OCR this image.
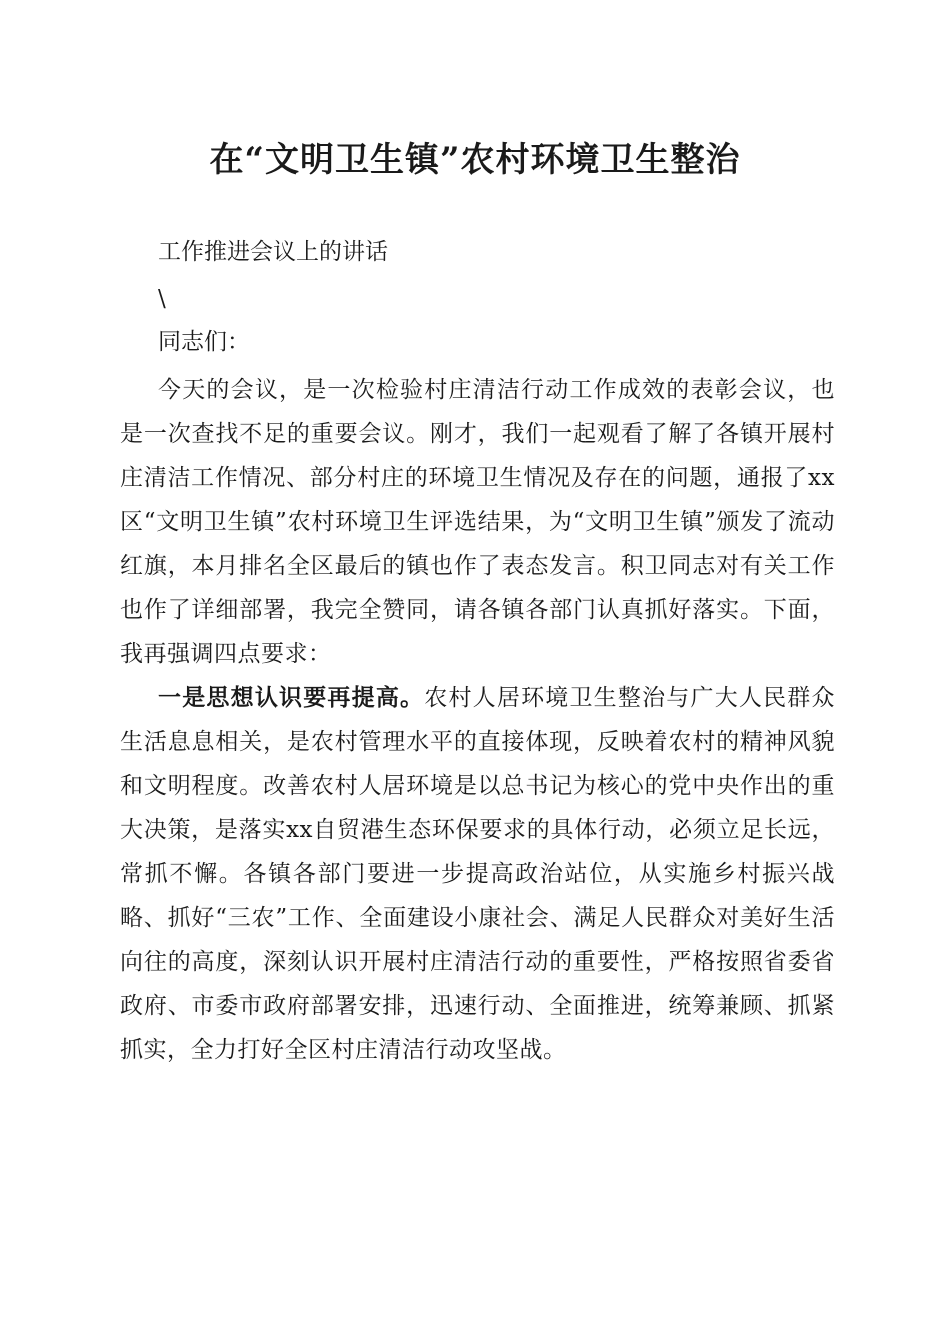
在“文明卫生镇”农村环境卫生整治
工作推进会议上的讲话
\
同志们：

今天的会议，是一次检验村庄清洁行动工作成效的表彰会议，也是一次查找不足的重要会议。刚才，我们一起观看了解了各镇开展村庄清洁工作情况、部分村庄的环境卫生情况及存在的问题，通报了xx区“文明卫生镇”农村环境卫生评选结果，为“文明卫生镇”颁发了流动红旗，本月排名全区最后的镇也作了表态发言。积卫同志对有关工作也作了详细部署，我完全赞同，请各镇各部门认真抓好落实。下面，我再强调四点要求：

一是思想认识要再提高。农村人居环境卫生整治与广大人民群众生活息息相关，是农村管理水平的直接体现，反映着农村的精神风貌和文明程度。改善农村人居环境是以总书记为核心的党中央作出的重大决策，是落实xx自贸港生态环保要求的具体行动，必须立足长远，常抓不懈。各镇各部门要进一步提高政治站位，从实施乡村振兴战略、抓好“三农”工作、全面建设小康社会、满足人民群众对美好生活向往的高度，深刻认识开展村庄清洁行动的重要性，严格按照省委省政府、市委市政府部署安排，迅速行动、全面推进，统筹兼顾、抓紧抓实，全力打好全区村庄清洁行动攻坚战。
